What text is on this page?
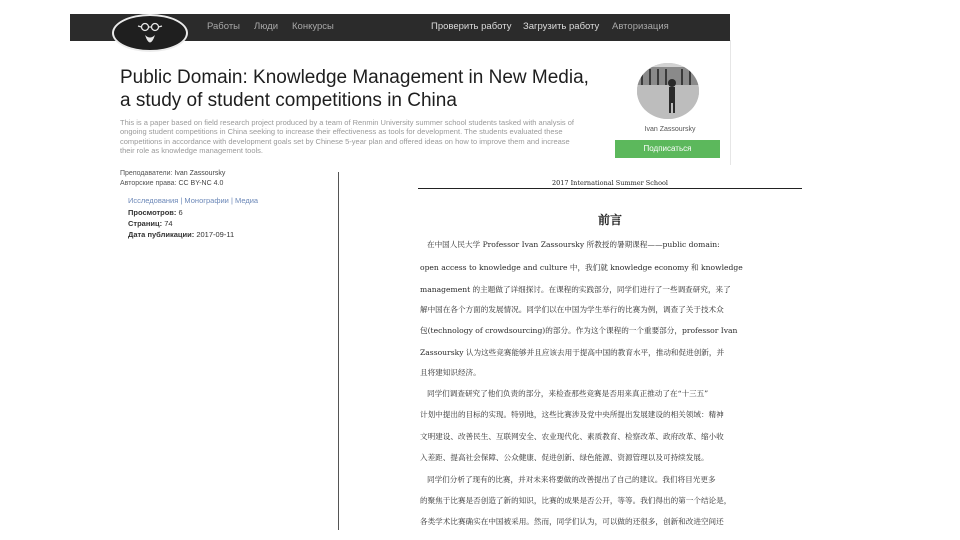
Работы Люди Конкурсы	Проверить работу Загрузить работу Авторизация
Public Domain: Knowledge Management in New Media, a study of student competitions in China

This is a paper based on field research project produced by a team of Renmin University summer school students tasked with analysis of ongoing student competitions in China seeking to increase their effectiveness as tools for development. The students evaluated these competitions in accordance with development goals set by Chinese 5-year plan and offered ideas on how to improve them and increase their role as knowledge management tools.

Ivan Zassoursky
Подписаться
Преподаватели: Ivan Zassoursky
Авторские права: CC BY-NC 4.0
Исследования | Монографии | Медиа
Просмотров: 6
Страниц: 74
Дата публикации: 2017-09-11
2017 International Summer School
前言
在中国人民大学 Professor Ivan Zassoursky 所教授的暑期课程——public domain:
open access to knowledge and culture 中，我们就 knowledge economy 和 knowledge
management 的主题做了详细探讨。在课程的实践部分，同学们进行了一些调查研究，来了
解中国在各个方面的发展情况。同学们以在中国为学生举行的比赛为例，调查了关于技术众
包(technology of crowdsourcing)的部分。作为这个课程的一个重要部分，professor Ivan
Zassoursky 认为这些竞赛能够并且应该去用于提高中国的教育水平，推动和促进创新，并
且将建知识经济。
同学们调查研究了他们负责的部分，来检查那些竞赛是否用来真正推动了在“十三五”
计划中提出的目标的实现。特别地，这些比赛涉及党中央所提出发展建设的相关领域：精神
文明建设、改善民生、互联网安全、农业现代化、素质教育、检察改革、政府改革、缩小收
入差距、提高社会保障、公众健康、促进创新、绿色能源、资源管理以及可持续发展。
同学们分析了现有的比赛，并对未来将要做的改善提出了自己的建议。我们将目光更多
的聚焦于比赛是否创造了新的知识，比赛的成果是否公开，等等。我们得出的第一个结论是，
各类学术比赛确实在中国被采用。然而，同学们认为，可以做的还很多，创新和改进空间还
